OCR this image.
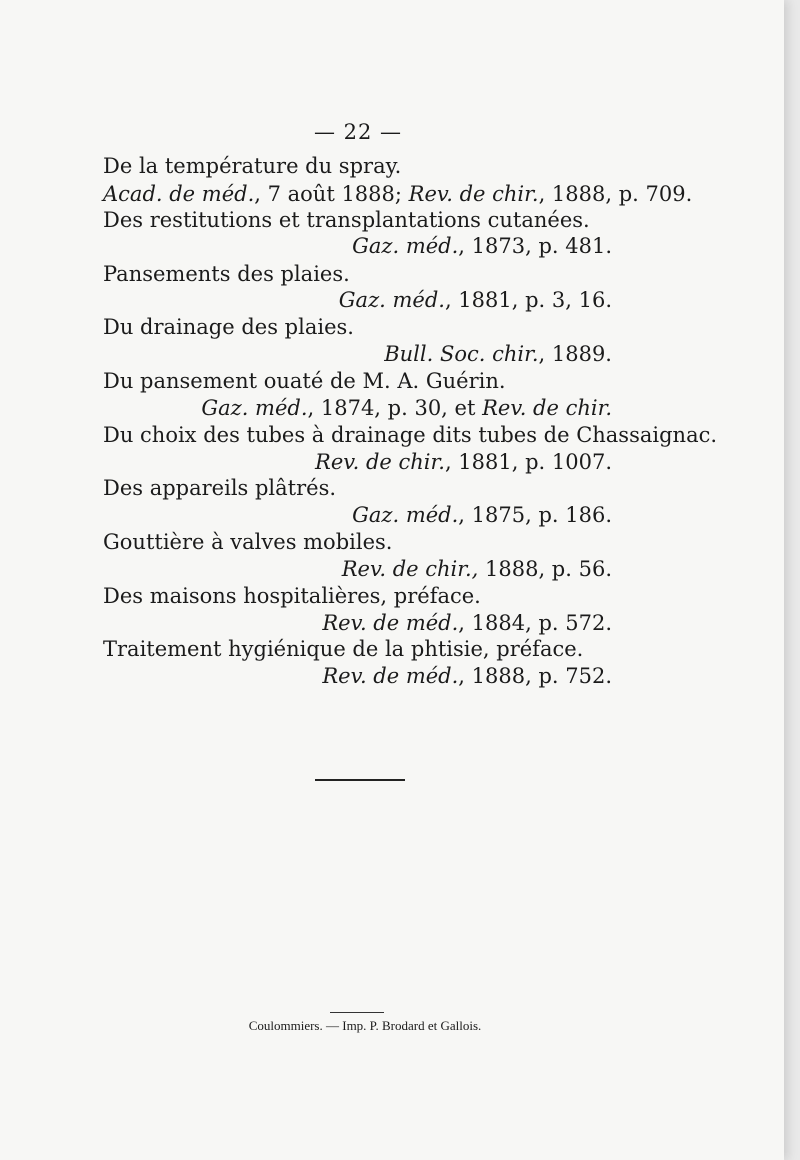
— 22 —
De la température du spray.
Acad. de méd., 7 août 1888; Rev. de chir., 1888, p. 709.
Des restitutions et transplantations cutanées.
Gaz. méd., 1873, p. 481.
Pansements des plaies.
Gaz. méd., 1881, p. 3, 16.
Du drainage des plaies.
Bull. Soc. chir., 1889.
Du pansement ouaté de M. A. Guérin.
Gaz. méd., 1874, p. 30, et Rev. de chir.
Du choix des tubes à drainage dits tubes de Chassaignac.
Rev. de chir., 1881, p. 1007.
Des appareils plâtrés.
Gaz. méd., 1875, p. 186.
Gouttière à valves mobiles.
Rev. de chir., 1888, p. 56.
Des maisons hospitalières, préface.
Rev. de méd., 1884, p. 572.
Traitement hygiénique de la phtisie, préface.
Rev. de méd., 1888, p. 752.
Coulommiers. — Imp. P. Brodard et Gallois.
